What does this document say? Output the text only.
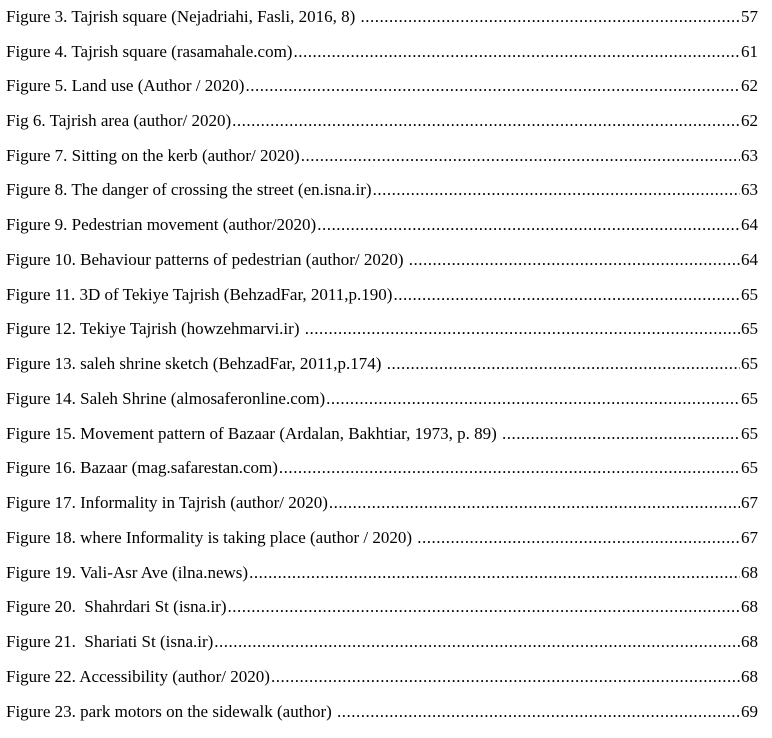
Figure 3. Tajrish square (Nejadriahi, Fasli, 2016, 8) .....	57
Figure 4. Tajrish square (rasamahale.com) .....	61
Figure 5. Land use (Author / 2020) .....	62
Fig 6. Tajrish area (author/ 2020) .....	62
Figure 7. Sitting on the kerb (author/ 2020) .....	63
Figure 8. The danger of crossing the street (en.isna.ir) .....	63
Figure 9. Pedestrian movement (author/2020) .....	64
Figure 10. Behaviour patterns of pedestrian (author/ 2020) .....	64
Figure 11. 3D of Tekiye Tajrish (BehzadFar, 2011,p.190) .....	65
Figure 12. Tekiye Tajrish (howzehmarvi.ir) .....	65
Figure 13. saleh shrine sketch (BehzadFar, 2011,p.174) .....	65
Figure 14. Saleh Shrine (almosaferonline.com) .....	65
Figure 15. Movement pattern of Bazaar (Ardalan, Bakhtiar, 1973, p. 89) .....	65
Figure 16. Bazaar (mag.safarestan.com) .....	65
Figure 17. Informality in Tajrish (author/ 2020) .....	67
Figure 18. where Informality is taking place (author / 2020) .....	67
Figure 19. Vali-Asr Ave (ilna.news) .....	68
Figure 20.  Shahrdari St (isna.ir) .....	68
Figure 21.  Shariati St (isna.ir) .....	68
Figure 22. Accessibility (author/ 2020) .....	68
Figure 23. park motors on the sidewalk (author) .....	69
